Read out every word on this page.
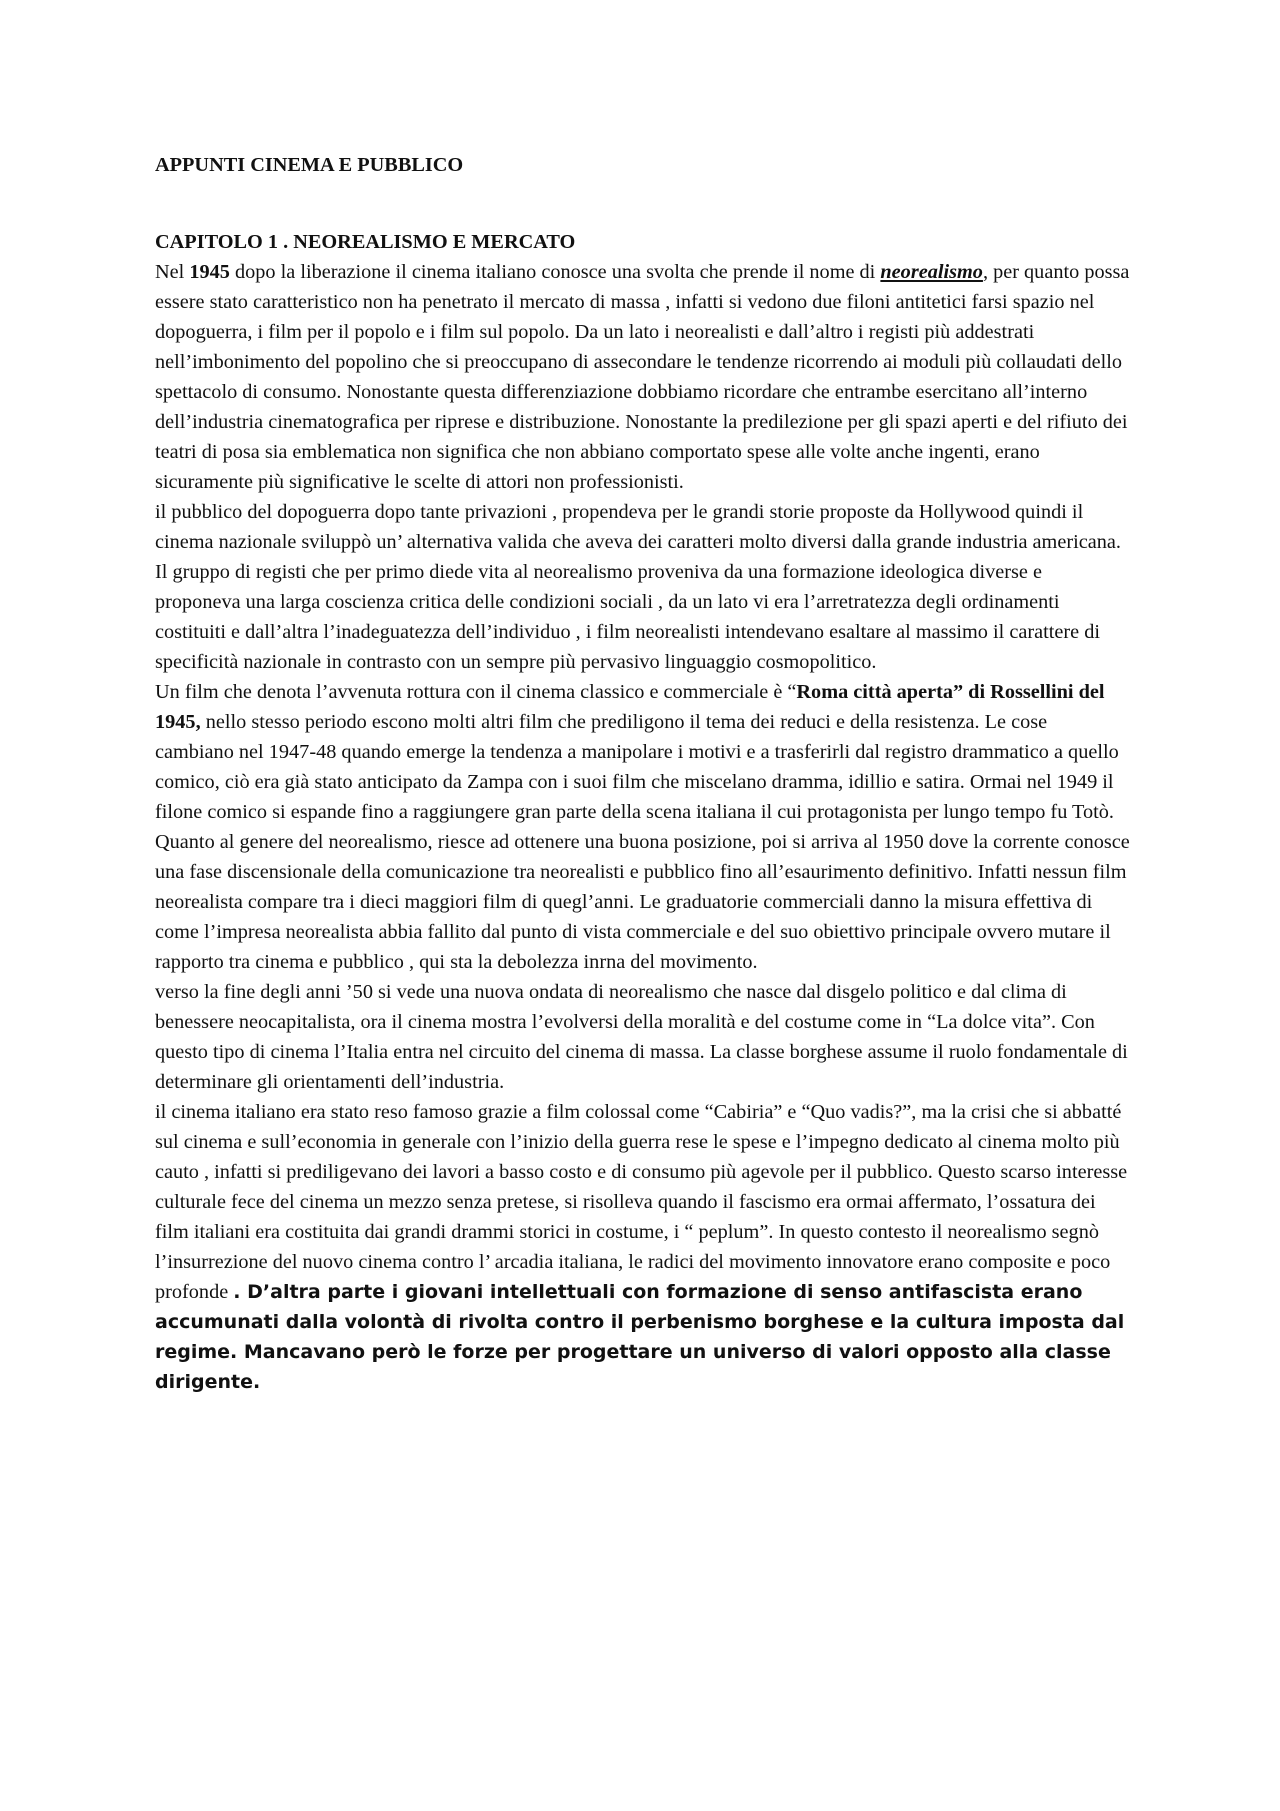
APPUNTI CINEMA E PUBBLICO
CAPITOLO 1 . NEOREALISMO E MERCATO

Nel 1945 dopo la liberazione il cinema italiano conosce una svolta che prende il nome di neorealismo, per quanto possa essere stato caratteristico non ha penetrato il mercato di massa , infatti si vedono due filoni antitetici farsi spazio nel dopoguerra, i film per il popolo e i film sul popolo. Da un lato i neorealisti e dall’altro i registi più addestrati nell’imbonimento del popolino che si preoccupano di assecondare le tendenze ricorrendo ai moduli più collaudati dello spettacolo di consumo. Nonostante questa differenziazione dobbiamo ricordare che entrambe esercitano all’interno dell’industria cinematografica per riprese e distribuzione. Nonostante la predilezione per gli spazi aperti e del rifiuto dei teatri di posa sia emblematica non significa che non abbiano comportato spese alle volte anche ingenti, erano sicuramente più significative le scelte di attori non professionisti.

il pubblico del dopoguerra dopo tante privazioni , propendeva per le grandi storie proposte da Hollywood quindi il cinema nazionale sviluppò un’ alternativa valida che aveva dei caratteri molto diversi dalla grande industria americana.

Il gruppo di registi che per primo diede vita al neorealismo proveniva da una formazione ideologica diverse e proponeva una larga coscienza critica delle condizioni sociali , da un lato vi era l’arretratezza degli ordinamenti costituiti e dall’altra l’inadeguatezza dell’individuo , i film neorealisti intendevano esaltare al massimo il carattere di specificità nazionale in contrasto con un sempre più pervasivo linguaggio cosmopolitico.

Un film che denota l’avvenuta rottura con il cinema classico e commerciale è “Roma città aperta” di Rossellini del 1945, nello stesso periodo escono molti altri film che prediligono il tema dei reduci e della resistenza. Le cose cambiano nel 1947-48 quando emerge la tendenza a manipolare i motivi e a trasferirli dal registro drammatico a quello comico, ciò era già stato anticipato da Zampa con i suoi film che miscelano dramma, idillio e satira. Ormai nel 1949 il filone comico si espande fino a raggiungere gran parte della scena italiana il cui protagonista per lungo tempo fu Totò. Quanto al genere del neorealismo, riesce ad ottenere una buona posizione, poi si arriva al 1950 dove la corrente conosce una fase discensionale della comunicazione tra neorealisti e pubblico fino all’esaurimento definitivo. Infatti nessun film neorealista compare tra i dieci maggiori film di quegl’anni. Le graduatorie commerciali danno la misura effettiva di come l’impresa neorealista abbia fallito dal punto di vista commerciale e del suo obiettivo principale ovvero mutare il rapporto tra cinema e pubblico , qui sta la debolezza inrna del movimento.

verso la fine degli anni ’50 si vede una nuova ondata di neorealismo che nasce dal disgelo politico e dal clima di benessere neocapitalista, ora il cinema mostra l’evolversi della moralità e del costume come in “La dolce vita”. Con questo tipo di cinema l’Italia entra nel circuito del cinema di massa. La classe borghese assume il ruolo fondamentale di determinare gli orientamenti dell’industria.

il cinema italiano era stato reso famoso grazie a film colossal come “Cabiria” e “Quo vadis?”, ma la crisi che si abbatté sul cinema e sull’economia in generale con l’inizio della guerra rese le spese e l’impegno dedicato al cinema molto più cauto , infatti si prediligevano dei lavori a basso costo e di consumo più agevole per il pubblico. Questo scarso interesse culturale fece del cinema un mezzo senza pretese, si risolleva quando il fascismo era ormai affermato, l’ossatura dei film italiani era costituita dai grandi drammi storici in costume, i “ peplum”. In questo contesto il neorealismo segnò l’insurrezione del nuovo cinema contro l’ arcadia italiana, le radici del movimento innovatore erano composite e poco profonde . D’altra parte i giovani intellettuali con formazione di senso antifascista erano accumunati dalla volontà di rivolta contro il perbenismo borghese e la cultura imposta dal regime. Mancavano però le forze per progettare un universo di valori opposto alla classe dirigente.
